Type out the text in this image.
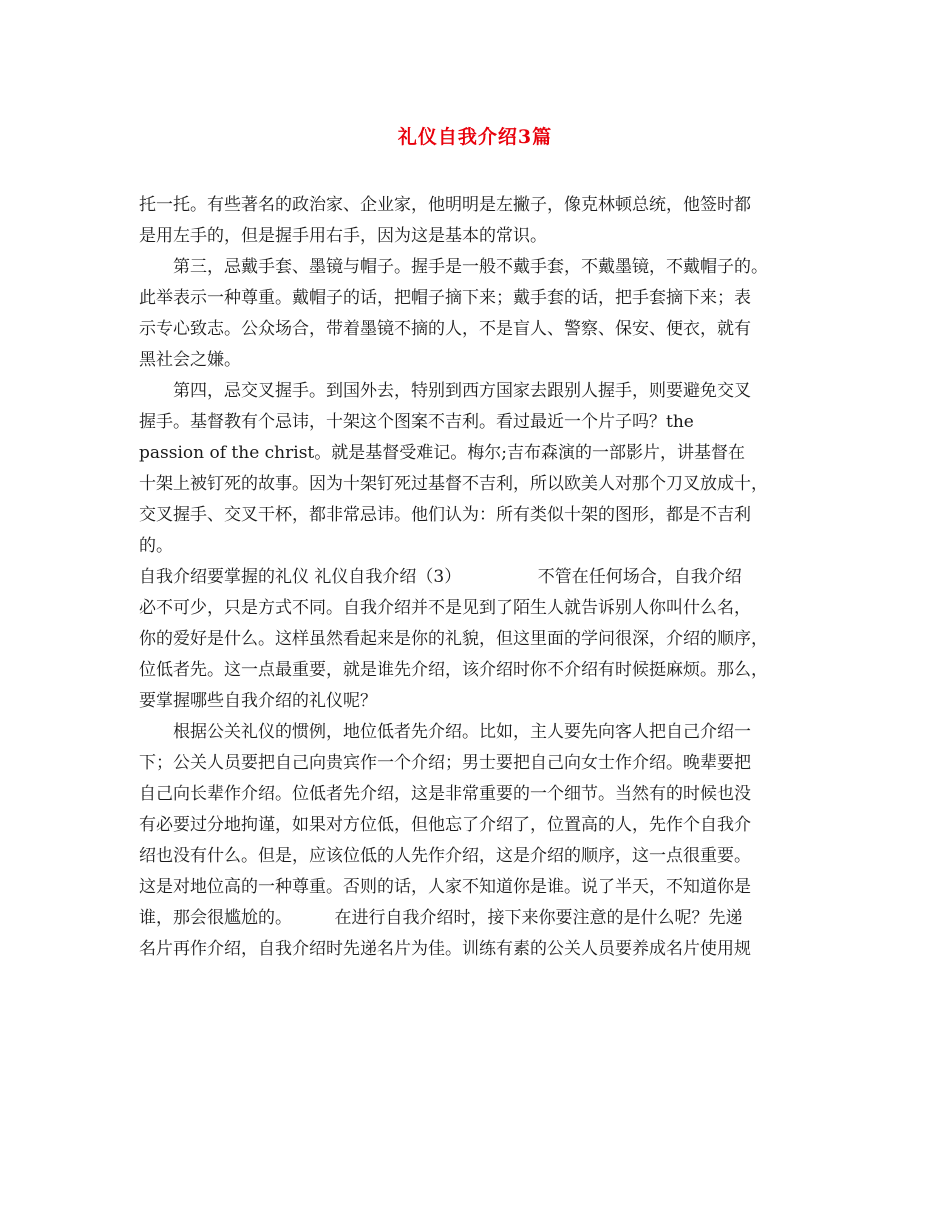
礼仪自我介绍3篇
托一托。有些著名的政治家、企业家，他明明是左撇子，像克林顿总统，他签时都
是用左手的，但是握手用右手，因为这是基本的常识。
　　第三，忌戴手套、墨镜与帽子。握手是一般不戴手套，不戴墨镜，不戴帽子的。
此举表示一种尊重。戴帽子的话，把帽子摘下来；戴手套的话，把手套摘下来；表
示专心致志。公众场合，带着墨镜不摘的人，不是盲人、警察、保安、便衣，就有
黑社会之嫌。
　　第四，忌交叉握手。到国外去，特别到西方国家去跟别人握手，则要避免交叉
握手。基督教有个忌讳，十架这个图案不吉利。看过最近一个片子吗？the
passion of the christ。就是基督受难记。梅尔;吉布森演的一部影片，讲基督在
十架上被钉死的故事。因为十架钉死过基督不吉利，所以欧美人对那个刀叉放成十，
交叉握手、交叉干杯，都非常忌讳。他们认为：所有类似十架的图形，都是不吉利
的。
自我介绍要掌握的礼仪 礼仪自我介绍（3）　　　　　不管在任何场合，自我介绍
必不可少，只是方式不同。自我介绍并不是见到了陌生人就告诉别人你叫什么名，
你的爱好是什么。这样虽然看起来是你的礼貌，但这里面的学问很深，介绍的顺序，
位低者先。这一点最重要，就是谁先介绍，该介绍时你不介绍有时候挺麻烦。那么，
要掌握哪些自我介绍的礼仪呢？
　　根据公关礼仪的惯例，地位低者先介绍。比如，主人要先向客人把自己介绍一
下；公关人员要把自己向贵宾作一个介绍；男士要把自己向女士作介绍。晚辈要把
自己向长辈作介绍。位低者先介绍，这是非常重要的一个细节。当然有的时候也没
有必要过分地拘谨，如果对方位低，但他忘了介绍了，位置高的人，先作个自我介
绍也没有什么。但是，应该位低的人先作介绍，这是介绍的顺序，这一点很重要。
这是对地位高的一种尊重。否则的话，人家不知道你是谁。说了半天，不知道你是
谁，那会很尴尬的。　　　在进行自我介绍时，接下来你要注意的是什么呢？先递
名片再作介绍，自我介绍时先递名片为佳。训练有素的公关人员要养成名片使用规
